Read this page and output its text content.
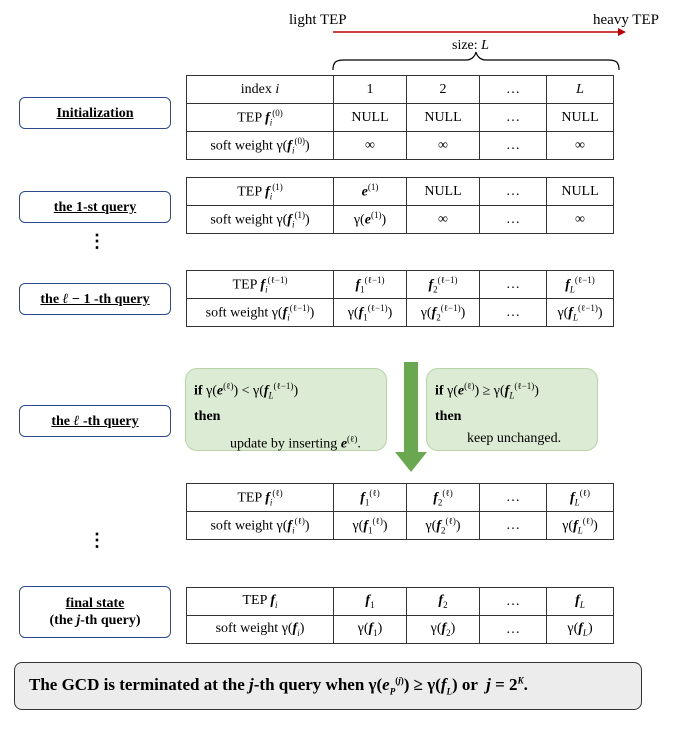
light TEP	heavy TEP
size: L
Initialization
the 1-st query
⋮
the ℓ − 1 -th query
the ℓ -th query
⋮
final state
(the j-th query)
index i	1	2	…	L
TEP $f_i^{(0)}$	NULL	NULL	…	NULL
soft weight $\gamma(f_i^{(0)})$	∞	∞	…	∞
TEP $f_i^{(1)}$	$e^{(1)}$	NULL	…	NULL
soft weight $\gamma(f_i^{(1)})$	$\gamma(e^{(1)})$	∞	…	∞
TEP $f_i^{(\ell-1)}$	$f_1^{(\ell-1)}$	$f_2^{(\ell-1)}$	…	$f_L^{(\ell-1)}$
soft weight $\gamma(f_i^{(\ell-1)})$	$\gamma(f_1^{(\ell-1)})$	$\gamma(f_2^{(\ell-1)})$	…	$\gamma(f_L^{(\ell-1)})$
if $\gamma(e^{(\ell)}) < \gamma(f_L^{(\ell-1)})$
then
update by inserting $e^{(\ell)}$.
if $\gamma(e^{(\ell)}) \ge \gamma(f_L^{(\ell-1)})$
then
keep unchanged.
TEP $f_i^{(\ell)}$	$f_1^{(\ell)}$	$f_2^{(\ell)}$	…	$f_L^{(\ell)}$
soft weight $\gamma(f_i^{(\ell)})$	$\gamma(f_1^{(\ell)})$	$\gamma(f_2^{(\ell)})$	…	$\gamma(f_L^{(\ell)})$
TEP $f_i$	$f_1$	$f_2$	…	$f_L$
soft weight $\gamma(f_i)$	$\gamma(f_1)$	$\gamma(f_2)$	…	$\gamma(f_L)$
The GCD is terminated at the j-th query when $\gamma(e_P^{(j)}) \ge \gamma(f_L)$ or  $j = 2^K$.
